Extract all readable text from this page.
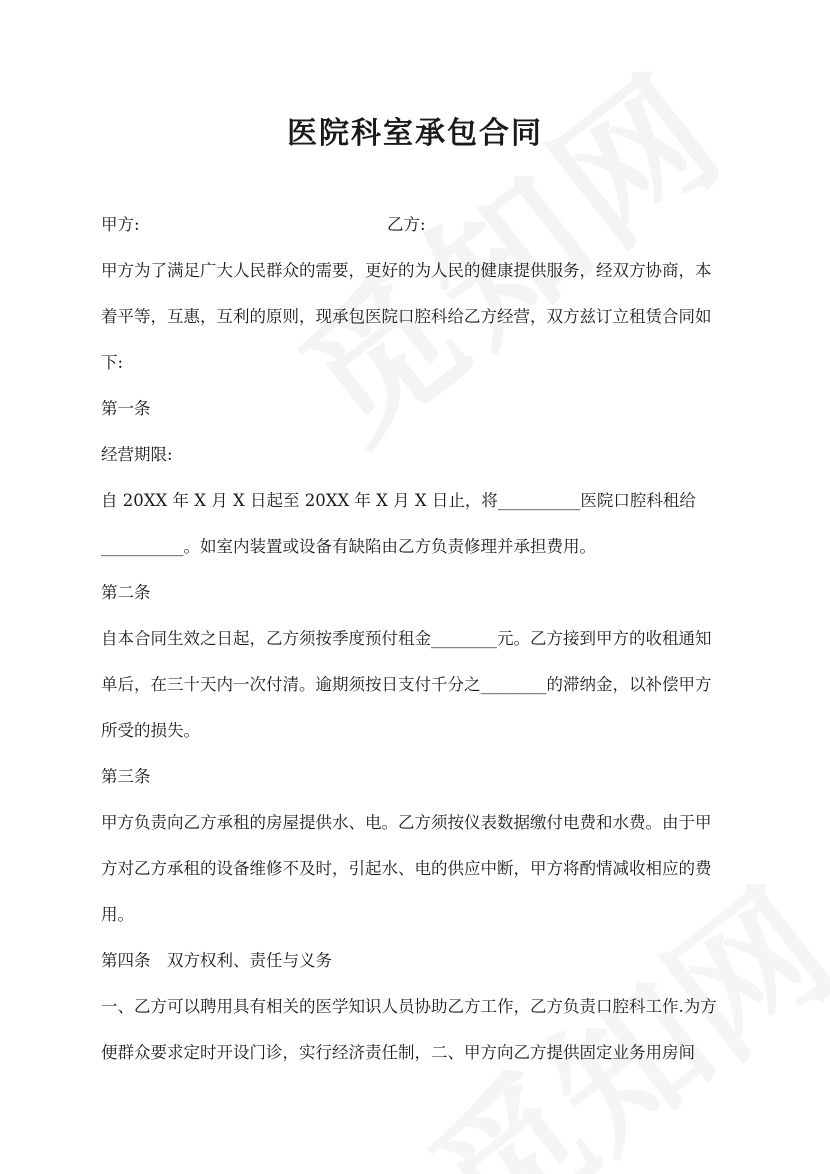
医院科室承包合同
甲方:	乙方:

甲方为了满足广大人民群众的需要，更好的为人民的健康提供服务，经双方协商，本

着平等，互惠，互利的原则，现承包医院口腔科给乙方经营，双方兹订立租赁合同如

下:

第一条

经营期限:

自 20XX 年 X 月 X 日起至 20XX 年 X 月 X 日止，将__________医院口腔科租给

__________。如室内装置或设备有缺陷由乙方负责修理并承担费用。

第二条

自本合同生效之日起，乙方须按季度预付租金________元。乙方接到甲方的收租通知

单后，在三十天内一次付清。逾期须按日支付千分之________的滞纳金，以补偿甲方

所受的损失。

第三条

甲方负责向乙方承租的房屋提供水、电。乙方须按仪表数据缴付电费和水费。由于甲

方对乙方承租的设备维修不及时，引起水、电的供应中断，甲方将酌情减收相应的费

用。

第四条　双方权利、责任与义务

一、乙方可以聘用具有相关的医学知识人员协助乙方工作，乙方负责口腔科工作.为方

便群众要求定时开设门诊，实行经济责任制，二、甲方向乙方提供固定业务用房间
